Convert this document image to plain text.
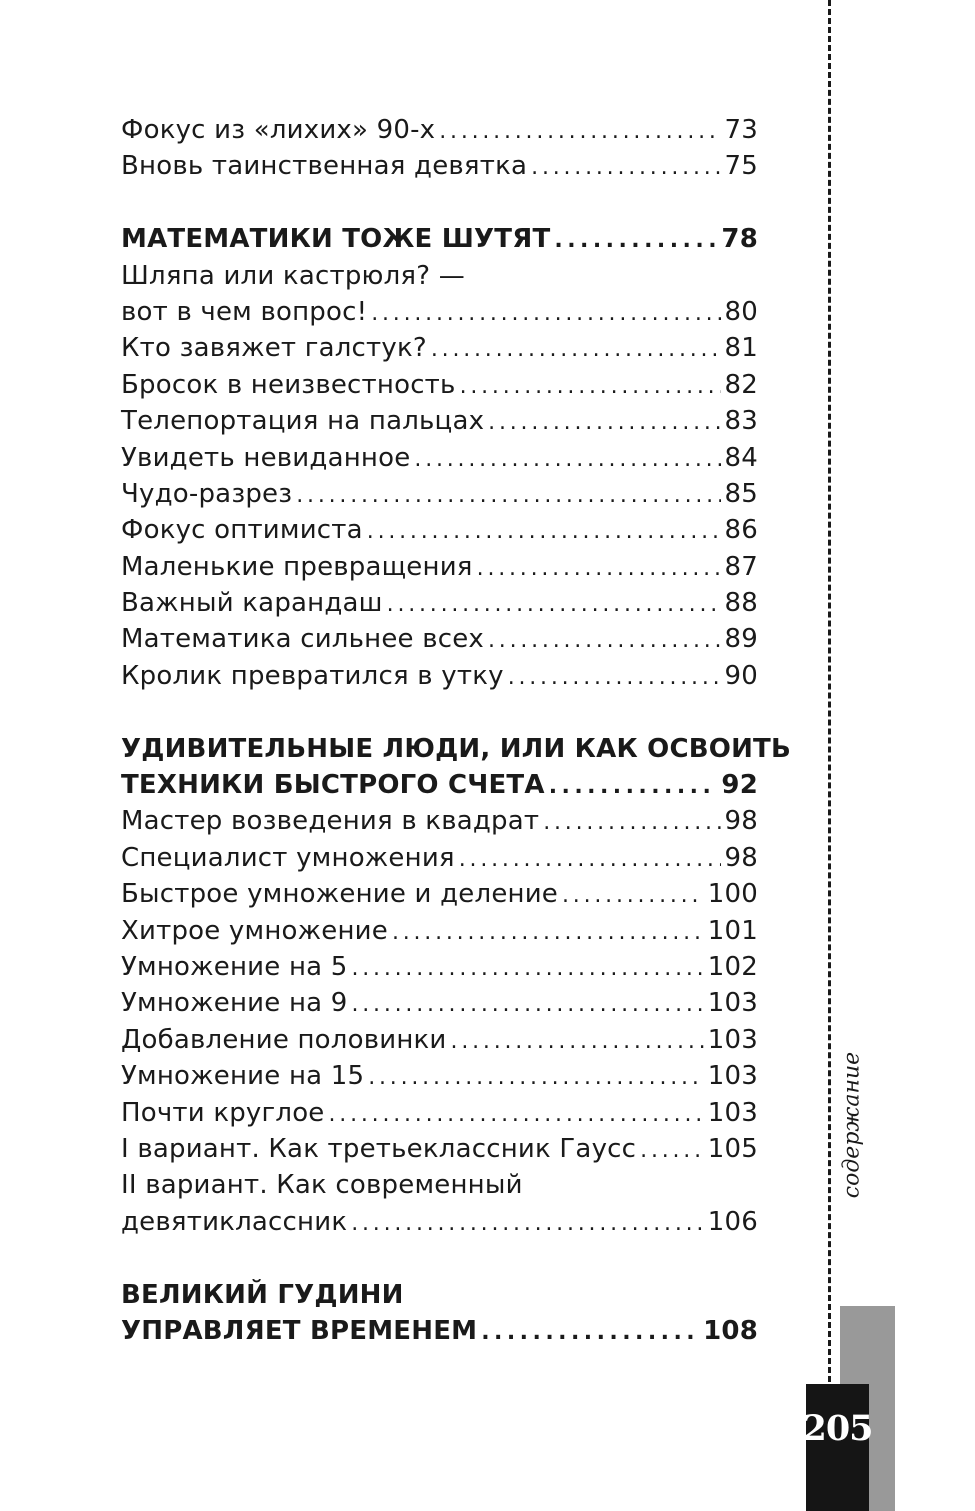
Фокус из «лихих» 90-х . . .	73
Вновь таинственная девятка . . .	75
МАТЕМАТИКИ ТОЖЕ ШУТЯТ . . .	78
Шляпа или кастрюля? —
вот в чем вопрос! . . .	80
Кто завяжет галстук? . . .	81
Бросок в неизвестность . . .	82
Телепортация на пальцах . . .	83
Увидеть невиданное . . .	84
Чудо-разрез . . .	85
Фокус оптимиста . . .	86
Маленькие превращения . . .	87
Важный карандаш . . .	88
Математика сильнее всех . . .	89
Кролик превратился в утку . . .	90
УДИВИТЕЛЬНЫЕ ЛЮДИ, ИЛИ КАК ОСВОИТЬ
ТЕХНИКИ БЫСТРОГО СЧЕТА . . .	92
Мастер возведения в квадрат . . .	98
Специалист умножения . . .	98
Быстрое умножение и деление . . .	100
Хитрое умножение . . .	101
Умножение на 5 . . .	102
Умножение на 9 . . .	103
Добавление половинки . . .	103
Умножение на 15 . . .	103
Почти круглое . . .	103
I вариант. Как третьеклассник Гаусс . . .	105
II вариант. Как современный
девятиклассник . . .	106
ВЕЛИКИЙ ГУДИНИ
УПРАВЛЯЕТ ВРЕМЕНЕМ . . .	108
содержание
205
